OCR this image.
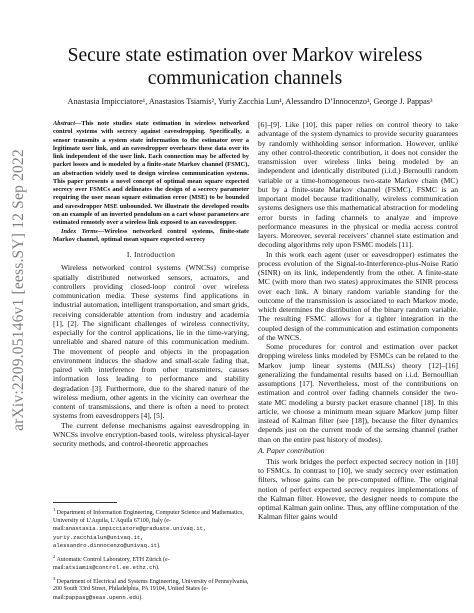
arXiv:2209.05146v1 [eess.SY] 12 Sep 2022
Secure state estimation over Markov wireless communication channels
Anastasia Impicciatore¹, Anastasios Tsiamis², Yuriy Zacchia Lun¹, Alessandro D’Innocenzo¹, George J. Pappas³

Abstract—This note studies state estimation in wireless networked control systems with secrecy against eavesdropping. Specifically, a sensor transmits a system state information to the estimator over a legitimate user link, and an eavesdropper overhears these data over its link independent of the user link. Each connection may be affected by packet losses and is modeled by a finite-state Markov channel (FSMC), an abstraction widely used to design wireless communication systems. This paper presents a novel concept of optimal mean square expected secrecy over FSMCs and delineates the design of a secrecy parameter requiring the user mean square estimation error (MSE) to be bounded and eavesdropper MSE unbounded. We illustrate the developed results on an example of an inverted pendulum on a cart whose parameters are estimated remotely over a wireless link exposed to an eavesdropper.

Index Terms—Wireless networked control systems, finite-state Markov channel, optimal mean square expected secrecy

I. Introduction

Wireless networked control systems (WNCSs) comprise spatially distributed networked sensors, actuators, and controllers providing closed-loop control over wireless communication media. These systems find applications in industrial automation, intelligent transportation, and smart grids, receiving considerable attention from industry and academia [1], [2]. The significant challenges of wireless connectivity, especially for the control applications, lie in the time-varying, unreliable and shared nature of this communication medium. The movement of people and objects in the propagation environment induces the shadow and small-scale fading that, paired with interference from other transmitters, causes information loss leading to performance and stability degradation [3]. Furthermore, due to the shared nature of the wireless medium, other agents in the vicinity can overhear the content of transmissions, and there is often a need to protect systems from eavesdroppers [4], [5].

The current defense mechanisms against eavesdropping in WNCSs involve encryption-based tools, wireless physical-layer security methods, and control-theoretic approaches

$^1$ Department of Information Engineering, Computer Science and Mathematics, University of L’Aquila, L’Aquila 67100, Italy (e-mail:anastasia.impicciatore@graduate.univaq.it, yuriy.zacchialun@univaq.it, alessandro.dinnocenzo@univaq.it).

$^2$ Automatic Control Laboratory, ETH Zürich (e-mail:atsiamis@control.ee.ethz.ch).

$^3$ Department of Electrical and Systems Engineering, University of Pennsylvania, 200 South 33rd Street, Philadelphia, PA 19104, United States (e-mail:pappasg@seas.upenn.edu).

[6]–[9]. Like [10], this paper relies on control theory to take advantage of the system dynamics to provide security guarantees by randomly withholding sensor information. However, unlike any other control-theoretic contribution, it does not consider the transmission over wireless links being modeled by an independent and identically distributed (i.i.d.) Bernoulli random variable or a time-homogeneous two-state Markov chain (MC) but by a finite-state Markov channel (FSMC). FSMC is an important model because traditionally, wireless communication systems designers use this mathematical abstraction for modeling error bursts in fading channels to analyze and improve performance measures in the physical or media access control layers. Moreover, several receivers’ channel state estimation and decoding algorithms rely upon FSMC models [11].

In this work each agent (user or eavesdropper) estimates the process evolution of the Signal-to-Interference-plus-Noise Ratio (SINR) on its link, independently from the other. A finite-state MC (with more than two states) approximates the SINR process over each link. A binary random variable standing for the outcome of the transmission is associated to each Markov mode, which determines the distribution of the binary random variable. The resulting FSMC allows for a tighter integration in the coupled design of the communication and estimation components of the WNCS.

Some procedures for control and estimation over packet dropping wireless links modeled by FSMCs can be related to the Markov jump linear systems (MJLSs) theory [12]–[16] generalizing the fundamental results based on i.i.d. Bernoullian assumptions [17]. Nevertheless, most of the contributions on estimation and control over fading channels consider the two-state MC modeling a bursty packet erasure channel [18]. In this article, we choose a minimum mean square Markov jump filter instead of Kalman filter (see [18]), because the filter dynamics depends just on the current mode of the sensing channel (rather than on the entire past history of modes).

A. Paper contribution

This work bridges the perfect expected secrecy notion in [10] to FSMCs. In contrast to [10], we study secrecy over estimation filters, whose gains can be pre-computed offline. The original notion of perfect expected secrecy requires implementations of the Kalman filter. However, the designer needs to compute the optimal Kalman gain online. Thus, any offline computation of the Kalman filter gains would
